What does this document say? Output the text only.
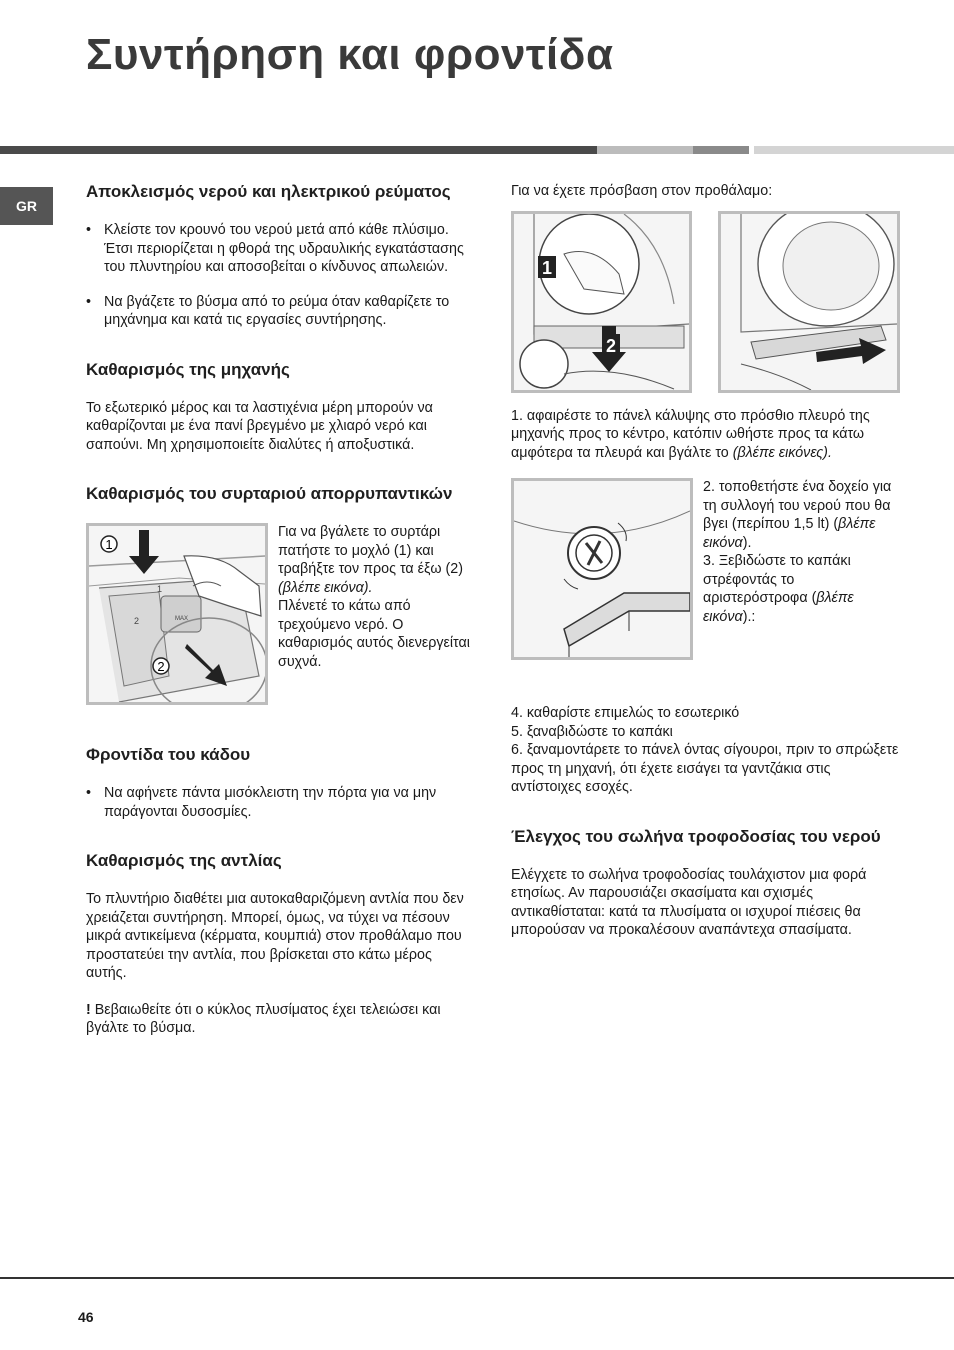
Συντήρηση και φροντίδα
GR
Αποκλεισμός νερού και ηλεκτρικού ρεύματος
• Κλείστε τον κρουνό του νερού μετά από κάθε πλύσιμο. Έτσι περιορίζεται η φθορά της υδραυλικής εγκατάστασης του πλυντηρίου και αποσοβείται ο κίνδυνος απωλειών.
• Να βγάζετε το βύσμα από το ρεύμα όταν καθαρίζετε το μηχάνημα και κατά τις εργασίες συντήρησης.
Καθαρισμός της μηχανής

Το εξωτερικό μέρος και τα λαστιχένια μέρη μπορούν να καθαρίζονται με ένα πανί βρεγμένο με χλιαρό νερό και σαπούνι. Μη χρησιμοποιείτε διαλύτες ή αποξυστικά.

Καθαρισμός του συρταριού απορρυπαντικών
1
2
1
2	MAX
Για να βγάλετε το συρτάρι πατήστε το μοχλό (1) και τραβήξτε τον προς τα έξω (2) (βλέπε εικόνα).
Πλένετέ το κάτω από τρεχούμενο νερό. Ο καθαρισμός αυτός διενεργείται συχνά.
Φροντίδα του κάδου
• Να αφήνετε πάντα μισόκλειστη την πόρτα για να μην παράγονται δυσοσμίες.
Καθαρισμός της αντλίας

Το πλυντήριο διαθέτει μια αυτοκαθαριζόμενη αντλία που δεν χρειάζεται συντήρηση. Μπορεί, όμως, να τύχει να πέσουν μικρά αντικείμενα (κέρματα, κουμπιά) στον προθάλαμο που προστατεύει την αντλία, που βρίσκεται στο κάτω μέρος αυτής.

! Βεβαιωθείτε ότι ο κύκλος πλυσίματος έχει τελειώσει και βγάλτε το βύσμα.

Για να έχετε πρόσβαση στον προθάλαμο:

1
2

1. αφαιρέστε το πάνελ κάλυψης στο πρόσθιο πλευρό της μηχανής προς το κέντρο, κατόπιν ωθήστε προς τα κάτω αμφότερα τα πλευρά και βγάλτε το (βλέπε εικόνες).

2. τοποθετήστε ένα δοχείο για τη συλλογή του νερού που θα βγει (περίπου 1,5 lt) (βλέπε εικόνα).
3. Ξεβιδώστε το καπάκι στρέφοντάς το αριστερόστροφα (βλέπε εικόνα).:

4. καθαρίστε επιμελώς το εσωτερικό
5. ξαναβιδώστε το καπάκι
6. ξαναμοντάρετε το πάνελ όντας σίγουροι, πριν το σπρώξετε προς τη μηχανή, ότι έχετε εισάγει τα γαντζάκια στις αντίστοιχες εσοχές.

Έλεγχος του σωλήνα τροφοδοσίας του νερού

Ελέγχετε το σωλήνα τροφοδοσίας τουλάχιστον μια φορά ετησίως. Αν παρουσιάζει σκασίματα και σχισμές αντικαθίσταται: κατά τα πλυσίματα οι ισχυροί πιέσεις θα μπορούσαν να προκαλέσουν αναπάντεχα σπασίματα.

46
